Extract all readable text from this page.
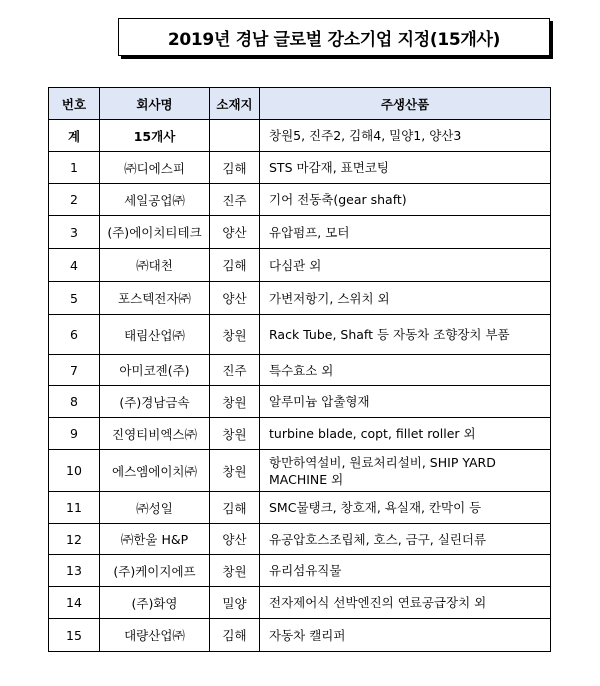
2019년 경남 글로벌 강소기업 지정(15개사)
번호	회사명	소재지	주생산품
계	15개사		창원5, 진주2, 김해4, 밀양1, 양산3
1	㈜디에스피	김해	STS 마감재, 표면코팅
2	세일공업㈜	진주	기어 전동축(gear shaft)
3	(주)에이치티테크	양산	유압펌프, 모터
4	㈜대천	김해	다심관 외
5	포스텍전자㈜	양산	가변저항기, 스위치 외
6	태림산업㈜	창원	Rack Tube, Shaft 등 자동차 조향장치 부품
7	아미코젠(주)	진주	특수효소 외
8	(주)경남금속	창원	알루미늄 압출형재
9	진영티비엑스㈜	창원	turbine blade, copt, fillet roller 외
10	에스엠에이치㈜	창원	항만하역설비, 원료처리설비, SHIP YARD MACHINE 외
11	㈜성일	김해	SMC물탱크, 창호재, 욕실재, 칸막이 등
12	㈜한울 H&P	양산	유공압호스조립체, 호스, 금구, 실린더류
13	(주)케이지에프	창원	유리섬유직물
14	(주)화영	밀양	전자제어식 선박엔진의 연료공급장치 외
15	대량산업㈜	김해	자동차 캘리퍼
